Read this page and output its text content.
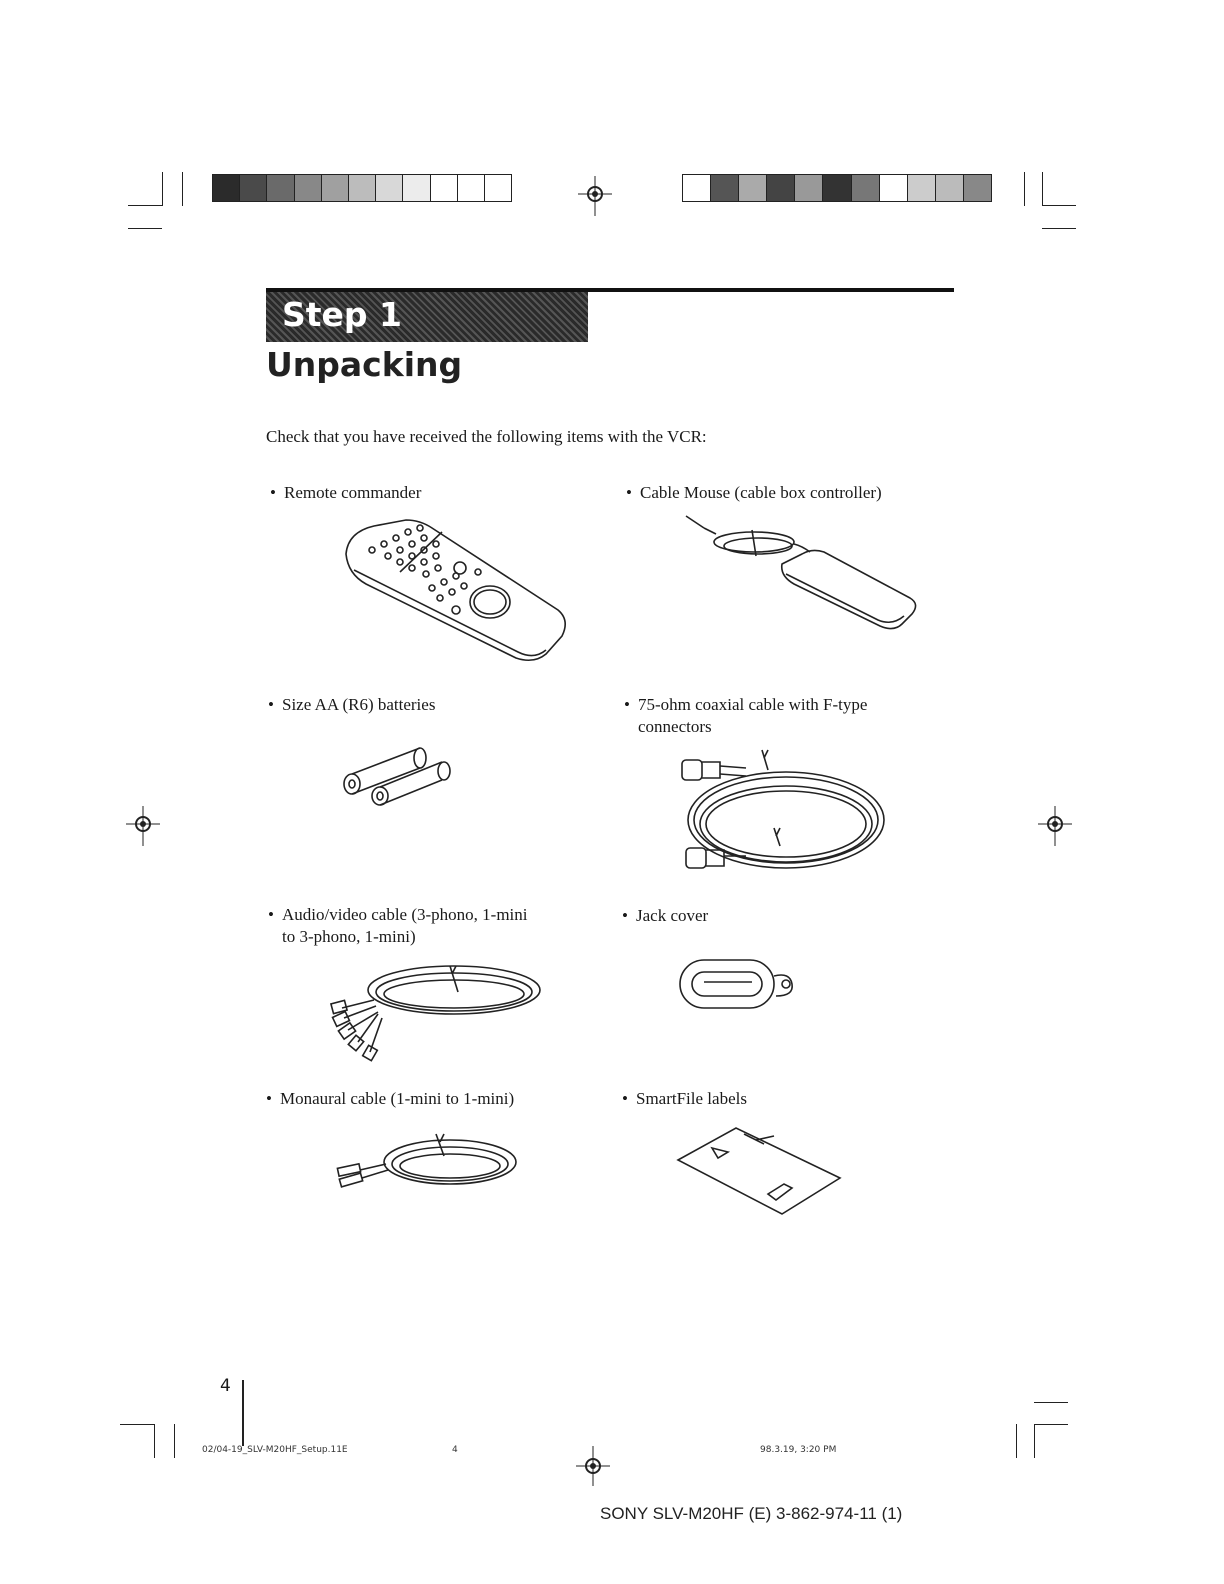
Step 1
Unpacking
Check that you have received the following items with the VCR:
• Remote commander	• Cable Mouse (cable box controller)
• Size AA (R6) batteries	• 75-ohm coaxial cable with F-type
connectors
• Audio/video cable (3-phono, 1-mini
to 3-phono, 1-mini)
• Jack cover
• Monaural cable (1-mini to 1-mini)	• SmartFile labels
4
02/04-19_SLV-M20HF_Setup.11E	4	98.3.19, 3:20 PM
SONY SLV-M20HF (E) 3-862-974-11 (1)
